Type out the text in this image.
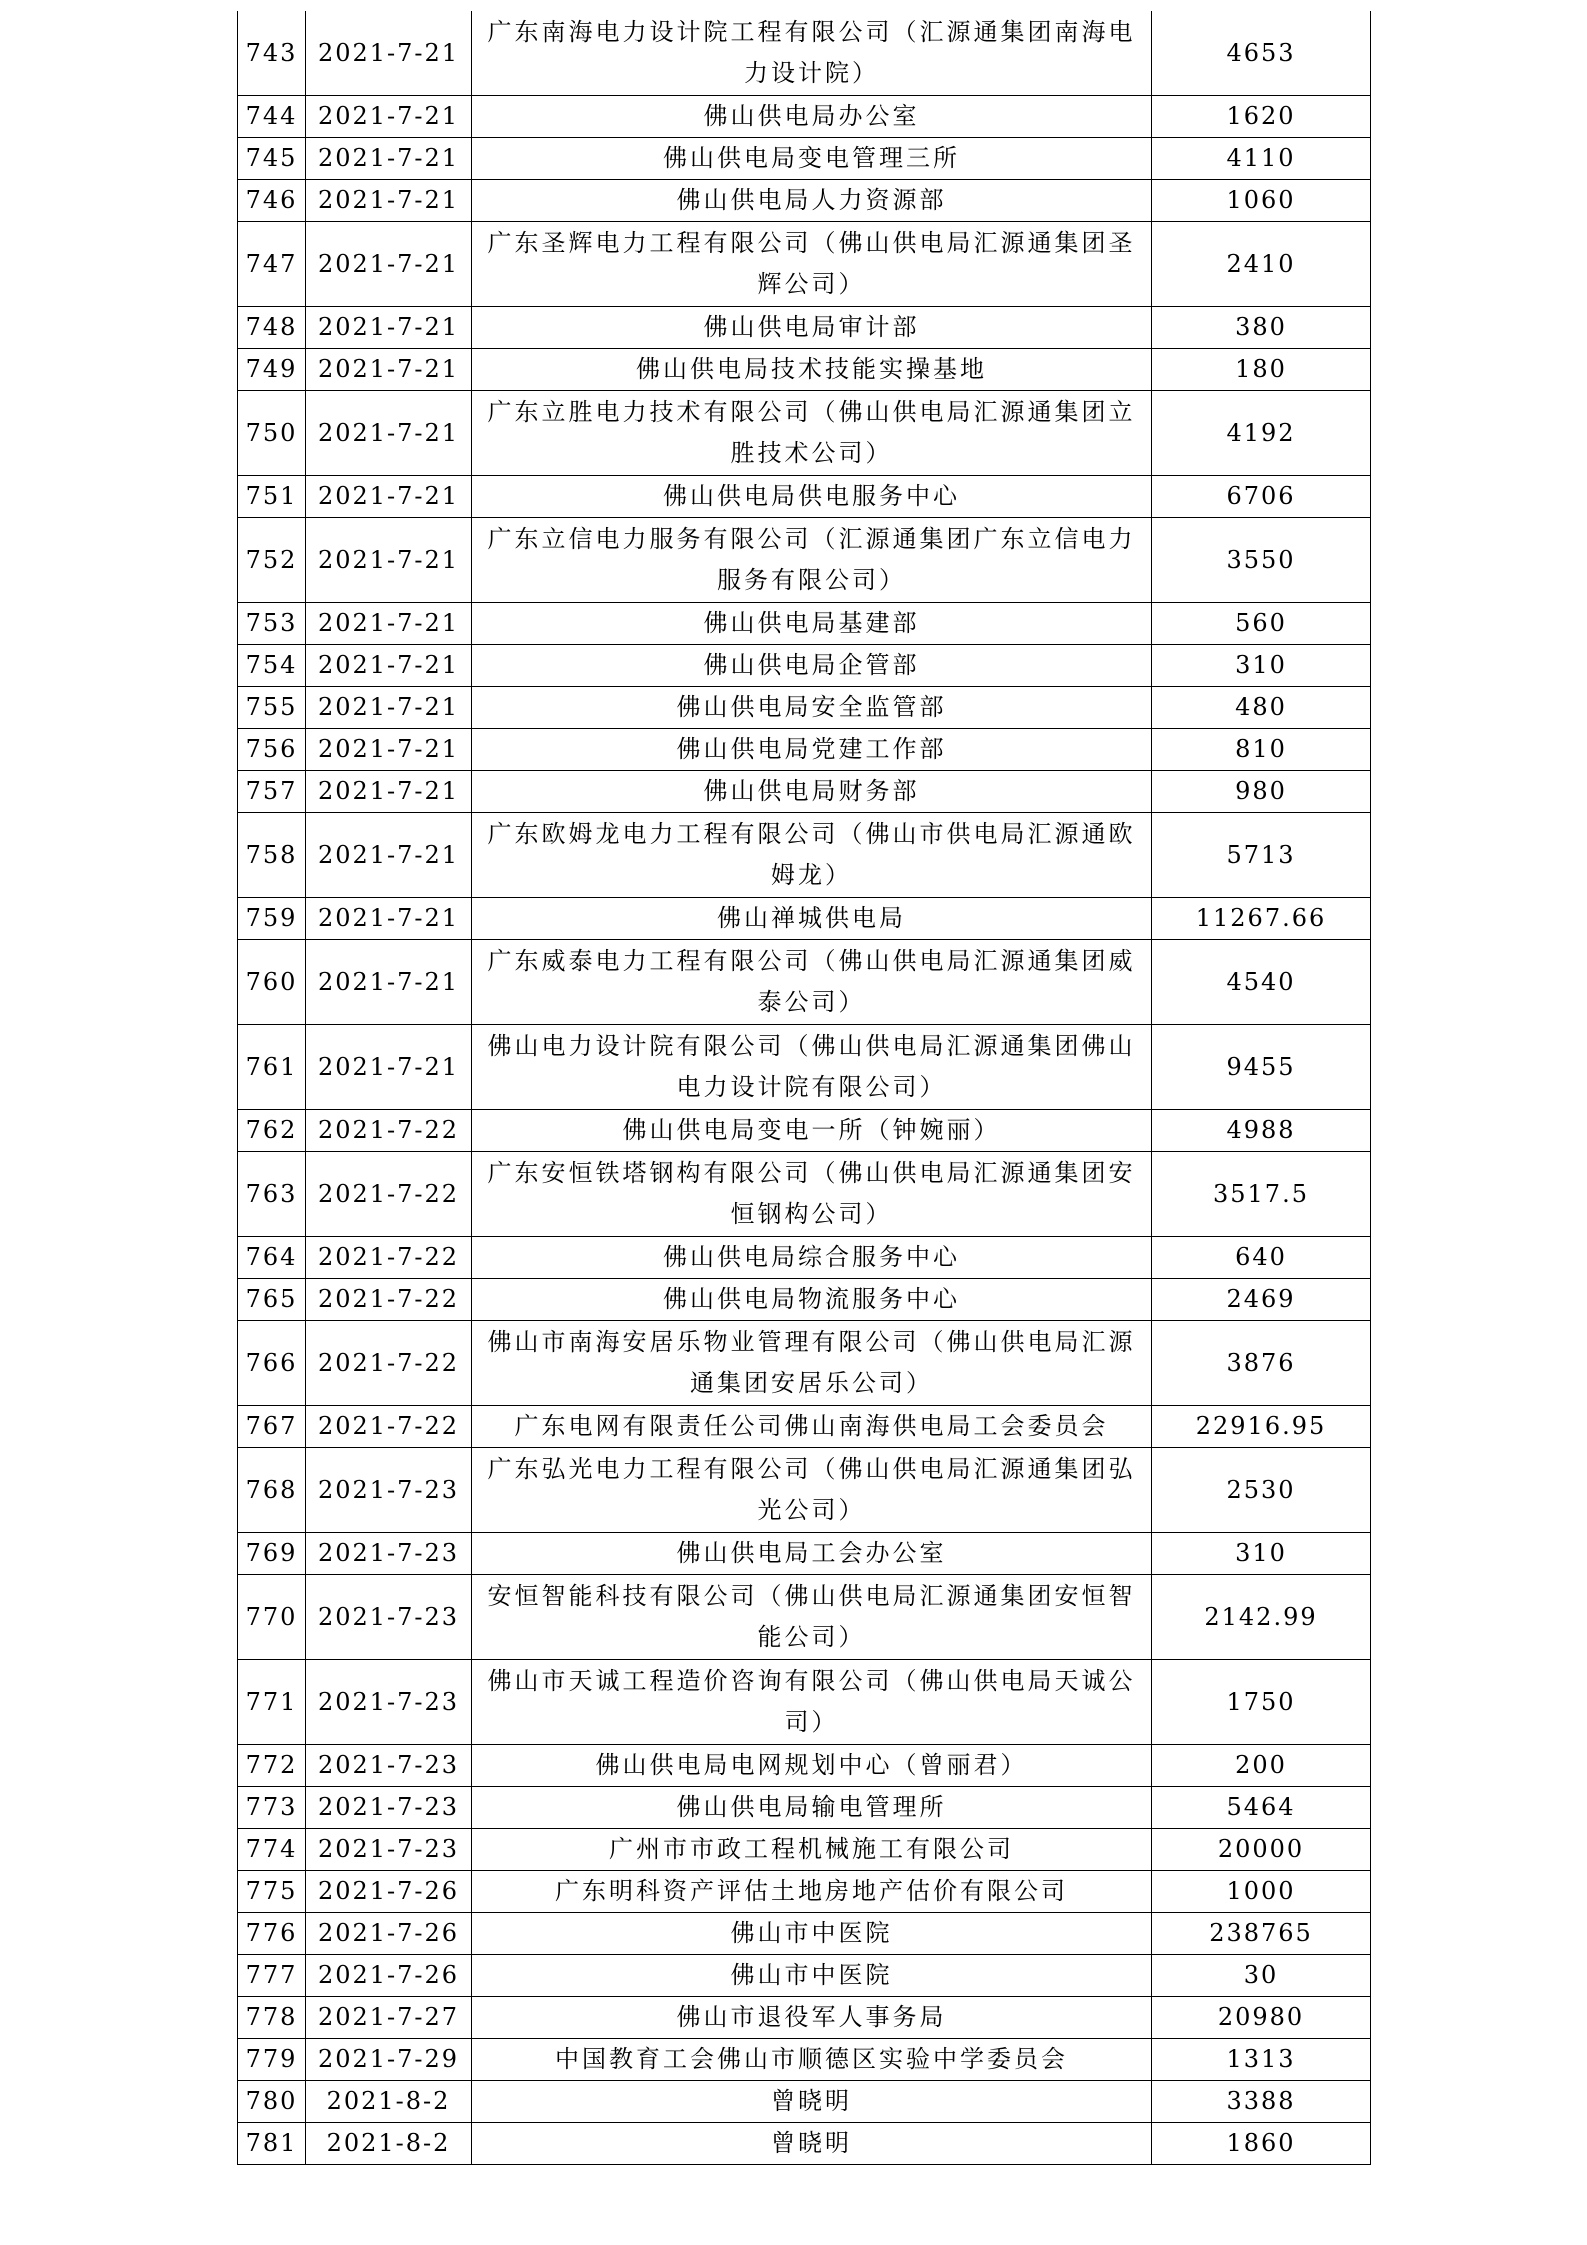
743	2021-7-21	广东南海电力设计院工程有限公司（汇源通集团南海电力设计院）	4653
744	2021-7-21	佛山供电局办公室	1620
745	2021-7-21	佛山供电局变电管理三所	4110
746	2021-7-21	佛山供电局人力资源部	1060
747	2021-7-21	广东圣辉电力工程有限公司（佛山供电局汇源通集团圣辉公司）	2410
748	2021-7-21	佛山供电局审计部	380
749	2021-7-21	佛山供电局技术技能实操基地	180
750	2021-7-21	广东立胜电力技术有限公司（佛山供电局汇源通集团立胜技术公司）	4192
751	2021-7-21	佛山供电局供电服务中心	6706
752	2021-7-21	广东立信电力服务有限公司（汇源通集团广东立信电力服务有限公司）	3550
753	2021-7-21	佛山供电局基建部	560
754	2021-7-21	佛山供电局企管部	310
755	2021-7-21	佛山供电局安全监管部	480
756	2021-7-21	佛山供电局党建工作部	810
757	2021-7-21	佛山供电局财务部	980
758	2021-7-21	广东欧姆龙电力工程有限公司（佛山市供电局汇源通欧姆龙）	5713
759	2021-7-21	佛山禅城供电局	11267.66
760	2021-7-21	广东威泰电力工程有限公司（佛山供电局汇源通集团威泰公司）	4540
761	2021-7-21	佛山电力设计院有限公司（佛山供电局汇源通集团佛山电力设计院有限公司）	9455
762	2021-7-22	佛山供电局变电一所（钟婉丽）	4988
763	2021-7-22	广东安恒铁塔钢构有限公司（佛山供电局汇源通集团安恒钢构公司）	3517.5
764	2021-7-22	佛山供电局综合服务中心	640
765	2021-7-22	佛山供电局物流服务中心	2469
766	2021-7-22	佛山市南海安居乐物业管理有限公司（佛山供电局汇源通集团安居乐公司）	3876
767	2021-7-22	广东电网有限责任公司佛山南海供电局工会委员会	22916.95
768	2021-7-23	广东弘光电力工程有限公司（佛山供电局汇源通集团弘光公司）	2530
769	2021-7-23	佛山供电局工会办公室	310
770	2021-7-23	安恒智能科技有限公司（佛山供电局汇源通集团安恒智能公司）	2142.99
771	2021-7-23	佛山市天诚工程造价咨询有限公司（佛山供电局天诚公司）	1750
772	2021-7-23	佛山供电局电网规划中心（曾丽君）	200
773	2021-7-23	佛山供电局输电管理所	5464
774	2021-7-23	广州市市政工程机械施工有限公司	20000
775	2021-7-26	广东明科资产评估土地房地产估价有限公司	1000
776	2021-7-26	佛山市中医院	238765
777	2021-7-26	佛山市中医院	30
778	2021-7-27	佛山市退役军人事务局	20980
779	2021-7-29	中国教育工会佛山市顺德区实验中学委员会	1313
780	2021-8-2	曾晓明	3388
781	2021-8-2	曾晓明	1860
